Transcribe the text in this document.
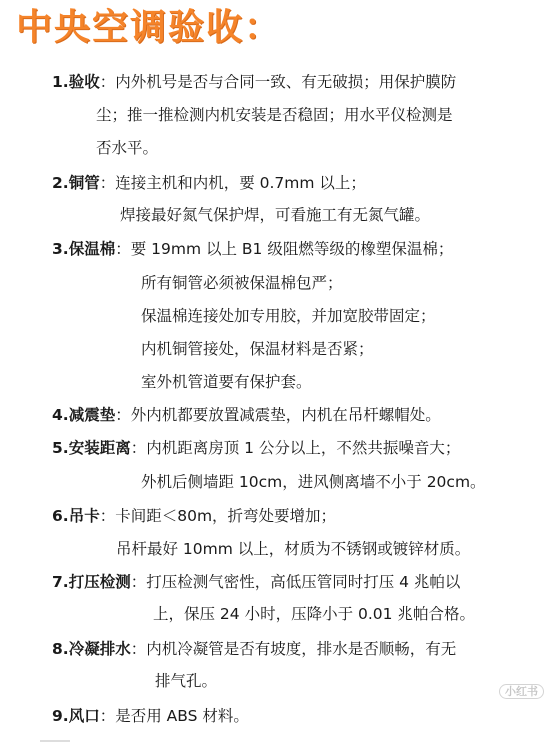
中央空调验收：
1.验收：内外机号是否与合同一致、有无破损；用保护膜防
尘；推一推检测内机安装是否稳固；用水平仪检测是
否水平。
2.铜管：连接主机和内机，要 0.7mm 以上；
焊接最好氮气保护焊，可看施工有无氮气罐。
3.保温棉：要 19mm 以上 B1 级阻燃等级的橡塑保温棉；
所有铜管必须被保温棉包严；
保温棉连接处加专用胶，并加宽胶带固定；
内机铜管接处，保温材料是否紧；
室外机管道要有保护套。
4.减震垫：外内机都要放置减震垫，内机在吊杆螺帽处。
5.安装距离：内机距离房顶 1 公分以上，不然共振噪音大；
外机后侧墙距 10cm，进风侧离墙不小于 20cm。
6.吊卡：卡间距＜80m，折弯处要增加；
吊杆最好 10mm 以上，材质为不锈钢或镀锌材质。
7.打压检测：打压检测气密性，高低压管同时打压 4 兆帕以
上，保压 24 小时，压降小于 0.01 兆帕合格。
8.冷凝排水：内机冷凝管是否有坡度，排水是否顺畅，有无
排气孔。
9.风口：是否用 ABS 材料。
小红书
